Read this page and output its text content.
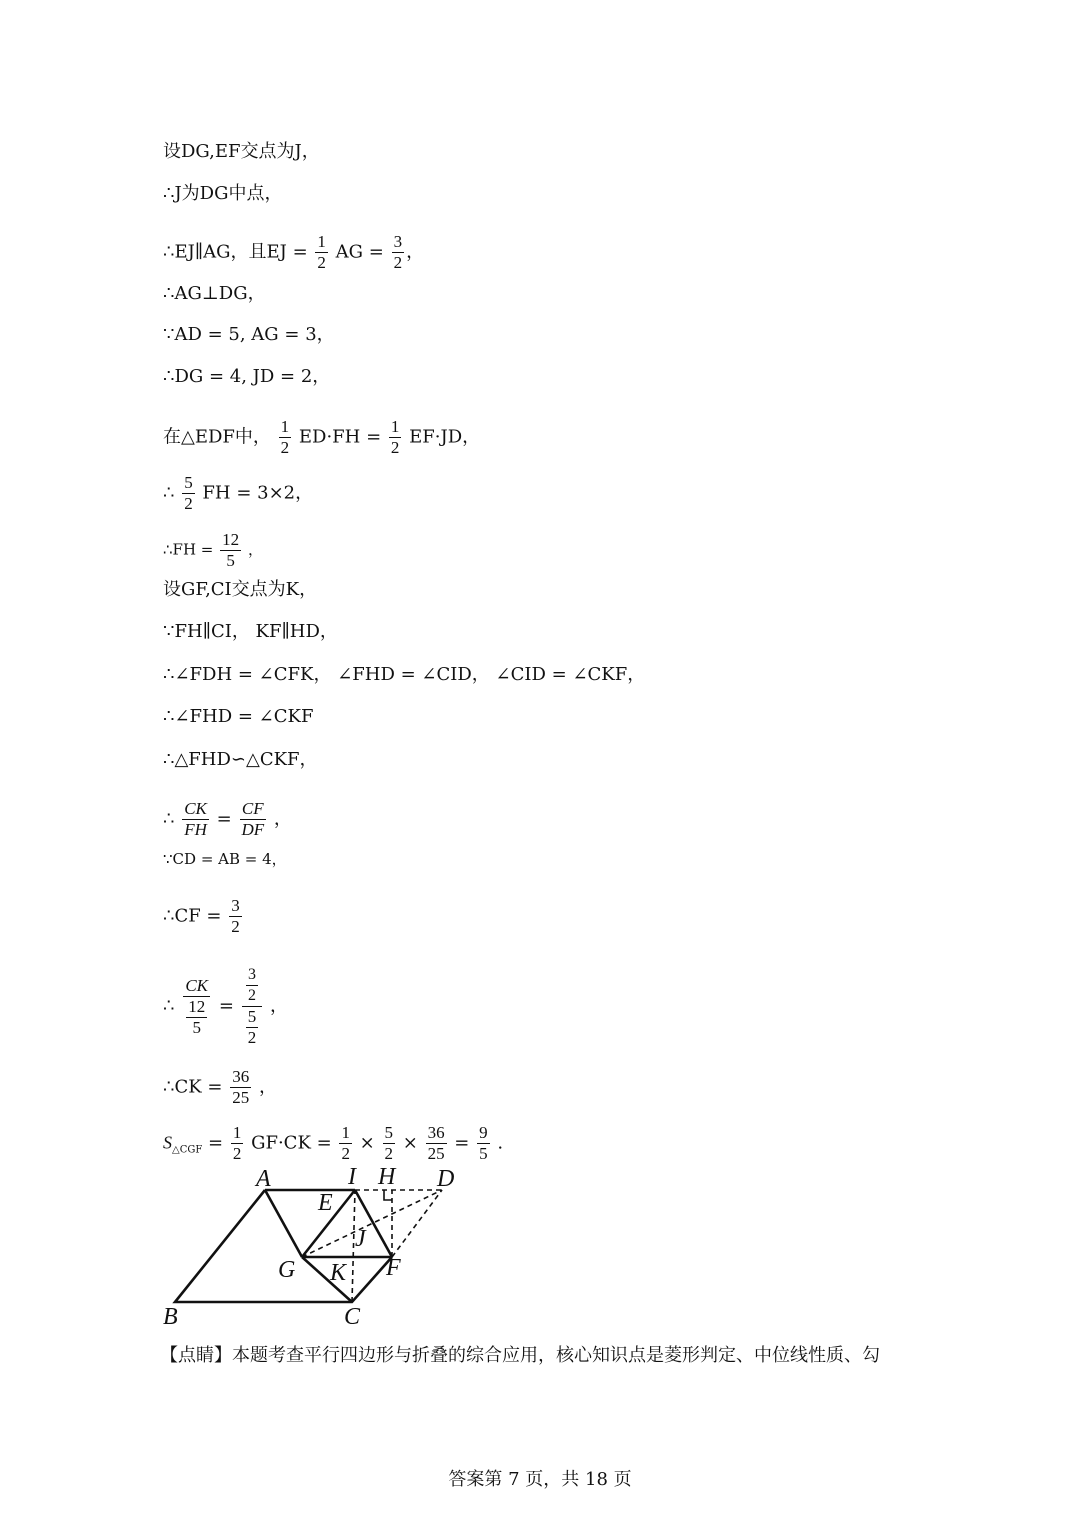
设DG,EF交点为J，
∴J为DG中点，
∴EJ∥AG，且EJ = $\frac{1}{2}$ AG = $\frac{3}{2}$ ，
∴AG⊥DG，
∵AD = 5, AG = 3，
∴DG = 4, JD = 2，
在△EDF中， $\frac{1}{2} ED\cdot FH = \frac{1}{2} EF\cdot JD$，
∴ $\frac{5}{2}$ FH = 3×2，
∴FH = $\frac{12}{5}$ ，
设GF,CI交点为K，
∵FH∥CI， KF∥HD，
∴∠FDH = ∠CFK， ∠FHD = ∠CID， ∠CID = ∠CKF，
∴∠FHD = ∠CKF
∴△FHD∽△CKF，
∴ $\frac{CK}{FH} = \frac{CF}{DF}$ ，
∵CD = AB = 4，
∴CF = $\frac{3}{2}$
∴ $\frac{CK}{\frac{12}{5}} = \frac{\frac{3}{2}}{\frac{5}{2}}$ ，
∴CK = $\frac{36}{25}$ ，
$S_{\triangle CGF} = \frac{1}{2} GF\cdot CK = \frac{1}{2} \times \frac{5}{2} \times \frac{36}{25} = \frac{9}{5}$ .
A	I H D
E
J
G K F
B	C
【点睛】本题考查平行四边形与折叠的综合应用，核心知识点是菱形判定、中位线性质、勾
答案第 7 页，共 18 页
